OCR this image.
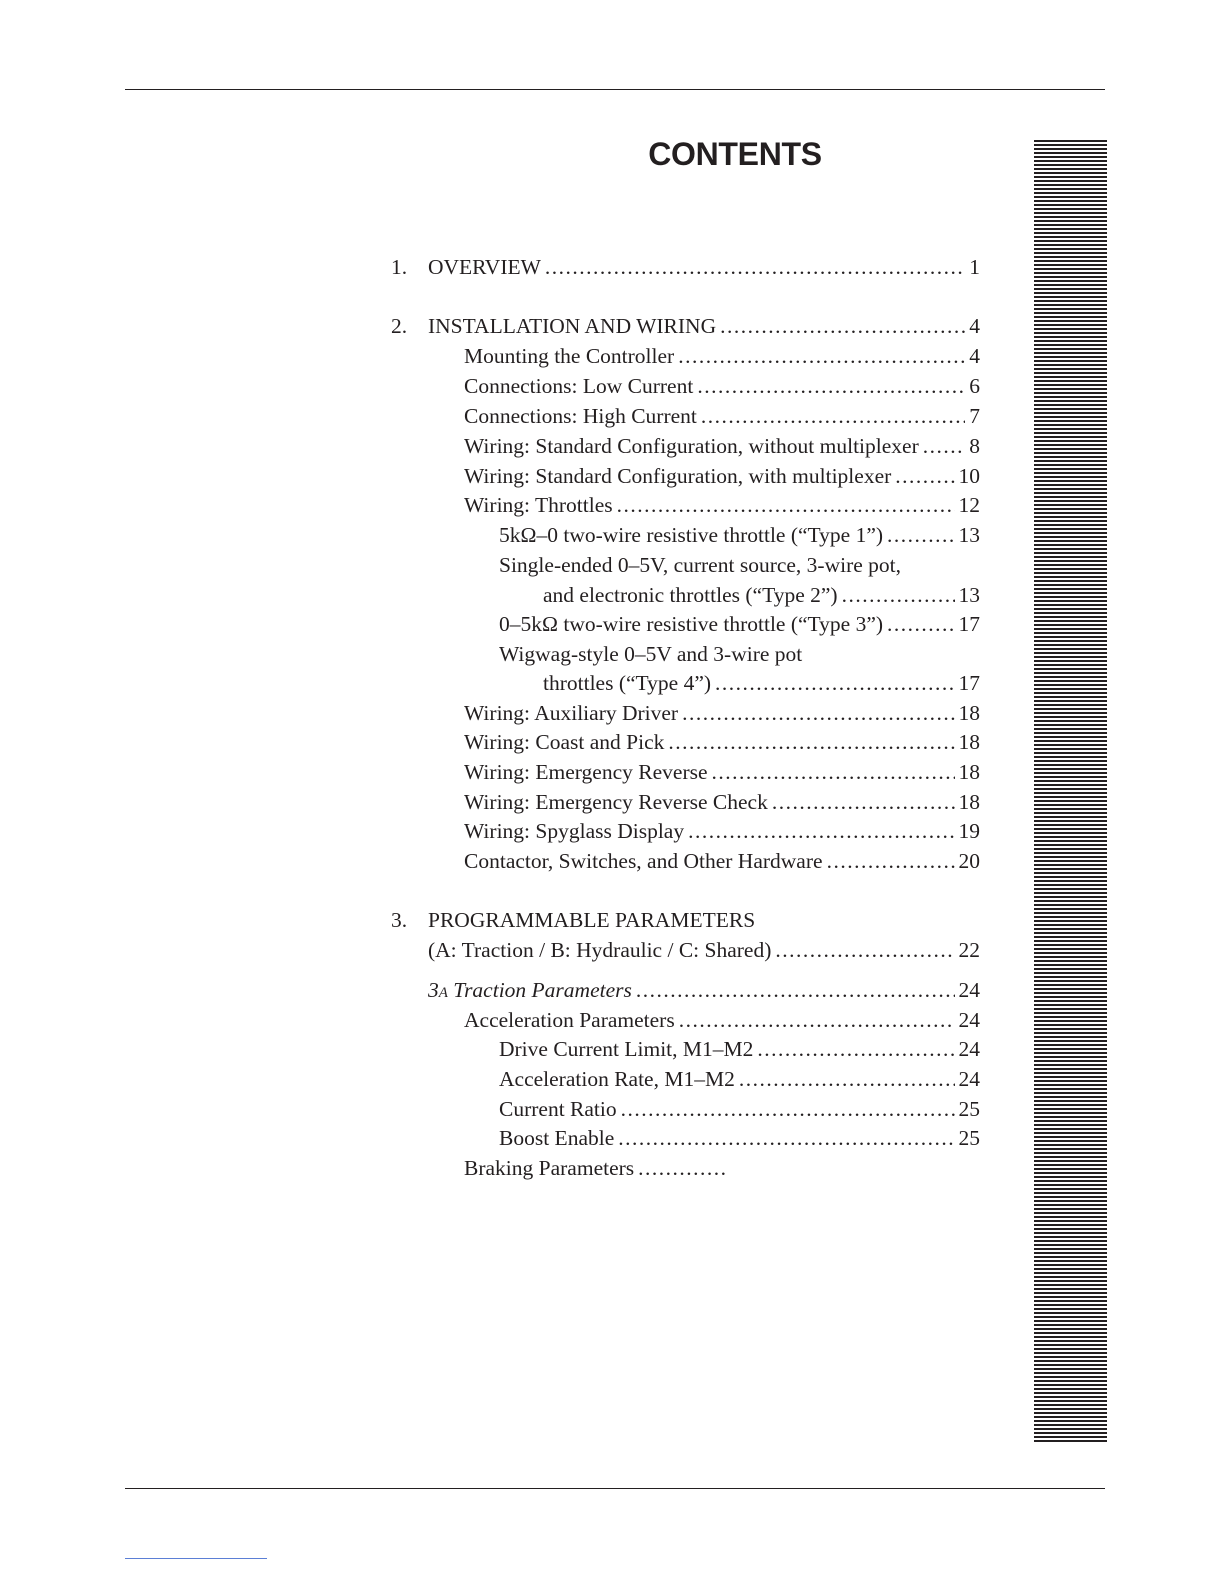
CONTENTS
1. OVERVIEW .....	1
2. INSTALLATION AND WIRING .....	4
Mounting the Controller .....	4
Connections: Low Current .....	6
Connections: High Current .....	7
Wiring: Standard Configuration, without multiplexer ..... 8
Wiring: Standard Configuration, with multiplexer .....	10
Wiring: Throttles .....	12
5kΩ–0 two-wire resistive throttle (“Type 1”) .....	13
Single-ended 0–5V, current source, 3-wire pot,
and electronic throttles (“Type 2”) .....	13
0–5kΩ two-wire resistive throttle (“Type 3”) .....	17
Wigwag-style 0–5V and 3-wire pot
throttles (“Type 4”) .....	17
Wiring: Auxiliary Driver .....	18
Wiring: Coast and Pick .....	18
Wiring: Emergency Reverse .....	18
Wiring: Emergency Reverse Check .....	18
Wiring: Spyglass Display .....	19
Contactor, Switches, and Other Hardware .....	20
3. PROGRAMMABLE PARAMETERS
(A: Traction / B: Hydraulic / C: Shared) .....	22
3A Traction Parameters .....	24
Acceleration Parameters .....	24
Drive Current Limit, M1–M2 .....	24
Acceleration Rate, M1–M2 .....	24
Current Ratio .....	25
Boost Enable .....	25
Braking Parameters
.....
